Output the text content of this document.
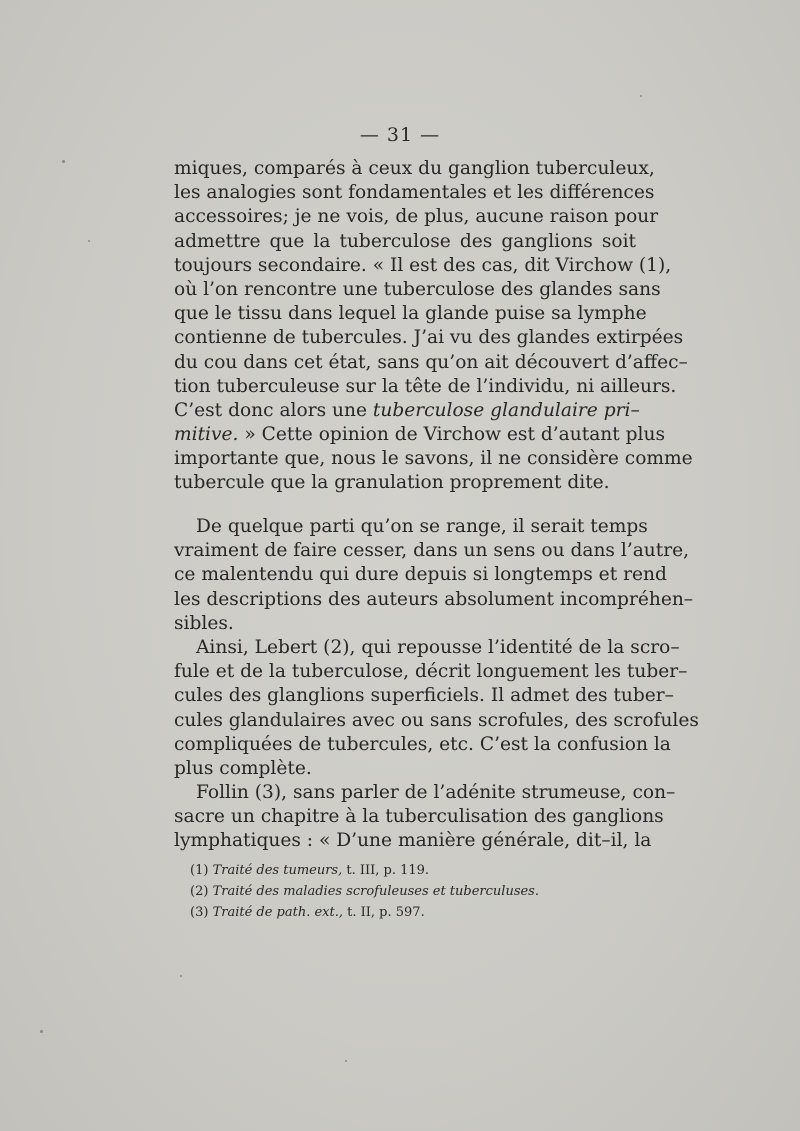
— 31 —
miques, comparés à ceux du ganglion tuberculeux,
les analogies sont fondamentales et les différences
accessoires; je ne vois, de plus, aucune raison pour
admettre que la tuberculose des ganglions soit
toujours secondaire. « Il est des cas, dit Virchow (1),
où l’on rencontre une tuberculose des glandes sans
que le tissu dans lequel la glande puise sa lymphe
contienne de tubercules. J’ai vu des glandes extirpées
du cou dans cet état, sans qu’on ait découvert d’affec–
tion tuberculeuse sur la tête de l’individu, ni ailleurs.
C’est donc alors une tuberculose glandulaire pri–
mitive. » Cette opinion de Virchow est d’autant plus
importante que, nous le savons, il ne considère comme
tubercule que la granulation proprement dite.
De quelque parti qu’on se range, il serait temps
vraiment de faire cesser, dans un sens ou dans l’autre,
ce malentendu qui dure depuis si longtemps et rend
les descriptions des auteurs absolument incompréhen–
sibles.
Ainsi, Lebert (2), qui repousse l’identité de la scro–
fule et de la tuberculose, décrit longuement les tuber–
cules des glanglions superficiels. Il admet des tuber–
cules glandulaires avec ou sans scrofules, des scrofules
compliquées de tubercules, etc. C’est la confusion la
plus complète.
Follin (3), sans parler de l’adénite strumeuse, con–
sacre un chapitre à la tuberculisation des ganglions
lymphatiques : « D’une manière générale, dit–il, la
(1) Traité des tumeurs, t. III, p. 119.
(2) Traité des maladies scrofuleuses et tuberculuses.
(3) Traité de path. ext., t. II, p. 597.
